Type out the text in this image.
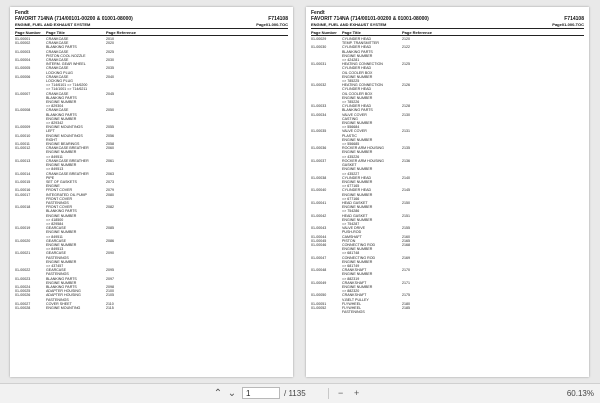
Fendt
FAVORIT 714NA (714/00101-00200 & 01001-08000)	F714108
ENGINE, FUEL AND EXHAUST SYSTEM	Page01-000-TOC
Page Number	Page Title	Page Reference
01-00001	CRANKCASE	2010
01-00002	CRANKCASE	2020
BLANKING PARTS
01-00003	CRANKCASE	2025
PISTON COOL NOZZLE
01-00004	CRANKCASE	2030
INTERM. GEAR WHEEL
01-00005	CRANKCASE	2035
LOCKING PLUG
01-00006	CRANKCASE	2040
LOCKING PLUG
=> 714/6101 => 714/6200
=> 714/1001 => 714/6211
01-00007	CRANKCASE	2045
BLANKING PARTS
ENGINE NUMBER
=> 829304
01-00008	CRANKCASE	2050
BLANKING PARTS
ENGINE NUMBER
=> 829342
01-00009	ENGINE MOUNTINGS	2055
LEFT
01-00010	ENGINE MOUNTINGS	2056
RIGHT
01-00011	ENGINE BEARINGS	2058
01-00012	CRANKCASE BREATHER	2060
ENGINE NUMBER
=> 849511
01-00013	CRANKCASE BREATHER	2061
ENGINE NUMBER
=> 849513
01-00014	CRANKCASE BREATHER	2063
PIPE
01-00015	SET OF GASKETS	2073
ENGINE
01-00016	FRONT COVER	2079
01-00017	INTEGRATED OIL PUMP	2080
FRONT COVER
FASTENINGS
01-00018	FRONT COVER	2082
BLANKING PARTS
ENGINE NUMBER
=> 418500
=> 829584
01-00019	GEARCASE	2085
ENGINE NUMBER
=> 849511
01-00020	GEARCASE	2086
ENGINE NUMBER
=> 849513
01-00021	GEARCASE	2090
FASTENINGS
ENGINE NUMBER
=> 437457
01-00022	GEARCASE	2095
FASTENINGS
01-00023	BLANKING PARTS	2097
ENGINE NUMBER
01-00024	BLANKING PARTS	2098
01-00025	ADAPTER HOUSING	2100
01-00026	ADAPTER HOUSING	2105
FASTENINGS
01-00027	COVER SHEET	2110
01-00028	ENGINE MOUNTING	2115
Fendt
FAVORIT 714NA (714/00101-00200 & 01001-08000)	F714108
ENGINE, FUEL AND EXHAUST SYSTEM	Page01-000-TOC
Page Number	Page Title	Page Reference
01-00029	CYLINDER HEAD	2120
TEMP. TRANSMITTER
01-00030	CYLINDER HEAD	2122
BLANKING PARTS
ENGINE NUMBER
=> 424281
01-00031	HEATING CONNECTION	2125
CYLINDER HEAD
OIL COOLER BOX
ENGINE NUMBER
=> 785225
01-00032	HEATING CONNECTION	2126
CYLINDER HEAD
OIL COOLER BOX
ENGINE NUMBER
=> 785226
01-00033	CYLINDER HEAD	2128
BLANKING PARTS
01-00034	VALVE COVER	2130
CASTING
ENGINE NUMBER
=> 556684
01-00035	VALVE COVER	2131
PLASTIC
ENGINE NUMBER
=> 556685
01-00036	ROCKER ARM HOUSING	2135
ENGINE NUMBER
=> 435226
01-00037	ROCKER ARM HOUSING	2136
GASKET
ENGINE NUMBER
=> 435227
01-00038	CYLINDER HEAD	2140
ENGINE NUMBER
=> 677165
01-00040	CYLINDER HEAD	2145
ENGINE NUMBER
=> 677166
01-00041	HEAD GASKET	2150
ENGINE NUMBER
=> 754286
01-00042	HEAD GASKET	2151
ENGINE NUMBER
=> 754287
01-00043	VALVE DRIVE	2155
PUSH-ROD
01-00044	CAMSHAFT	2160
01-00045	PISTON	2165
01-00046	CONNECTING ROD	2168
ENGINE NUMBER
=> 681748
01-00047	CONNECTING ROD	2169
ENGINE NUMBER
=> 681749
01-00048	CRANKSHAFT	2170
ENGINE NUMBER
=> 882319
01-00049	CRANKSHAFT	2171
ENGINE NUMBER
=> 882320
01-00050	CRANKSHAFT	2175
V-BELT PULLEY
01-00051	FLYWHEEL	2180
01-00052	FLYWHEEL	2185
FASTENINGS
⌃ ⌄	1	/ 1135	− +	60.13%
